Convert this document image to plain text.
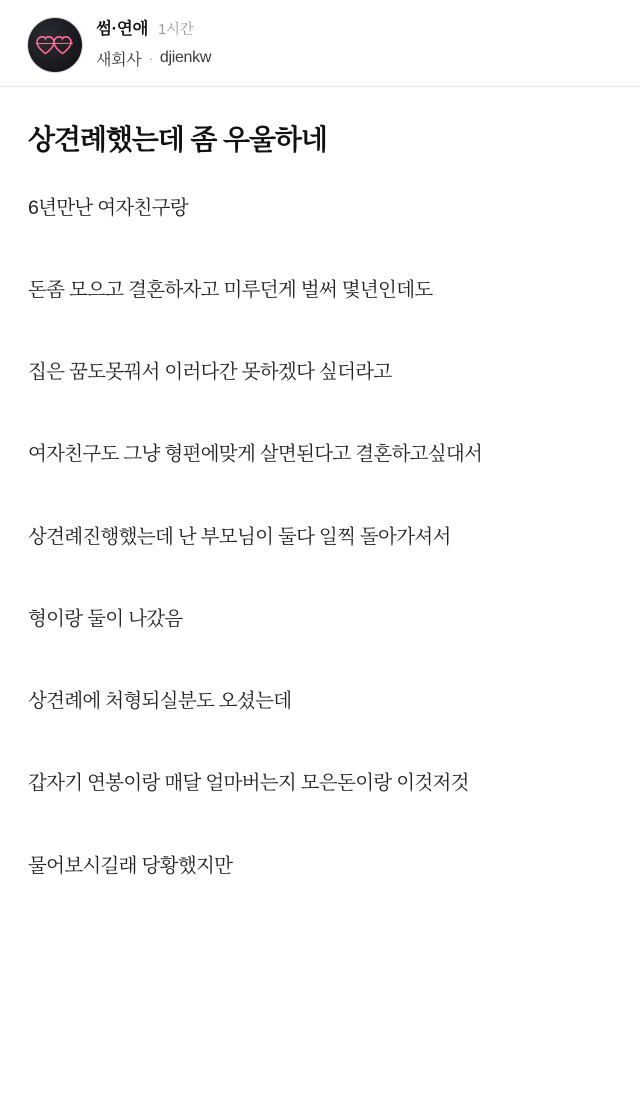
썸·연애 1시간
새회사 · djienkw
상견례했는데 좀 우울하네

6년만난 여자친구랑

돈좀 모으고 결혼하자고 미루던게 벌써 몇년인데도

집은 꿈도못꿔서 이러다간 못하겠다 싶더라고

여자친구도 그냥 형편에맞게 살면된다고 결혼하고싶대서

상견례진행했는데 난 부모님이 둘다 일찍 돌아가셔서

형이랑 둘이 나갔음

상견례에 처형되실분도 오셨는데

갑자기 연봉이랑 매달 얼마버는지 모은돈이랑 이것저것

물어보시길래 당황했지만
